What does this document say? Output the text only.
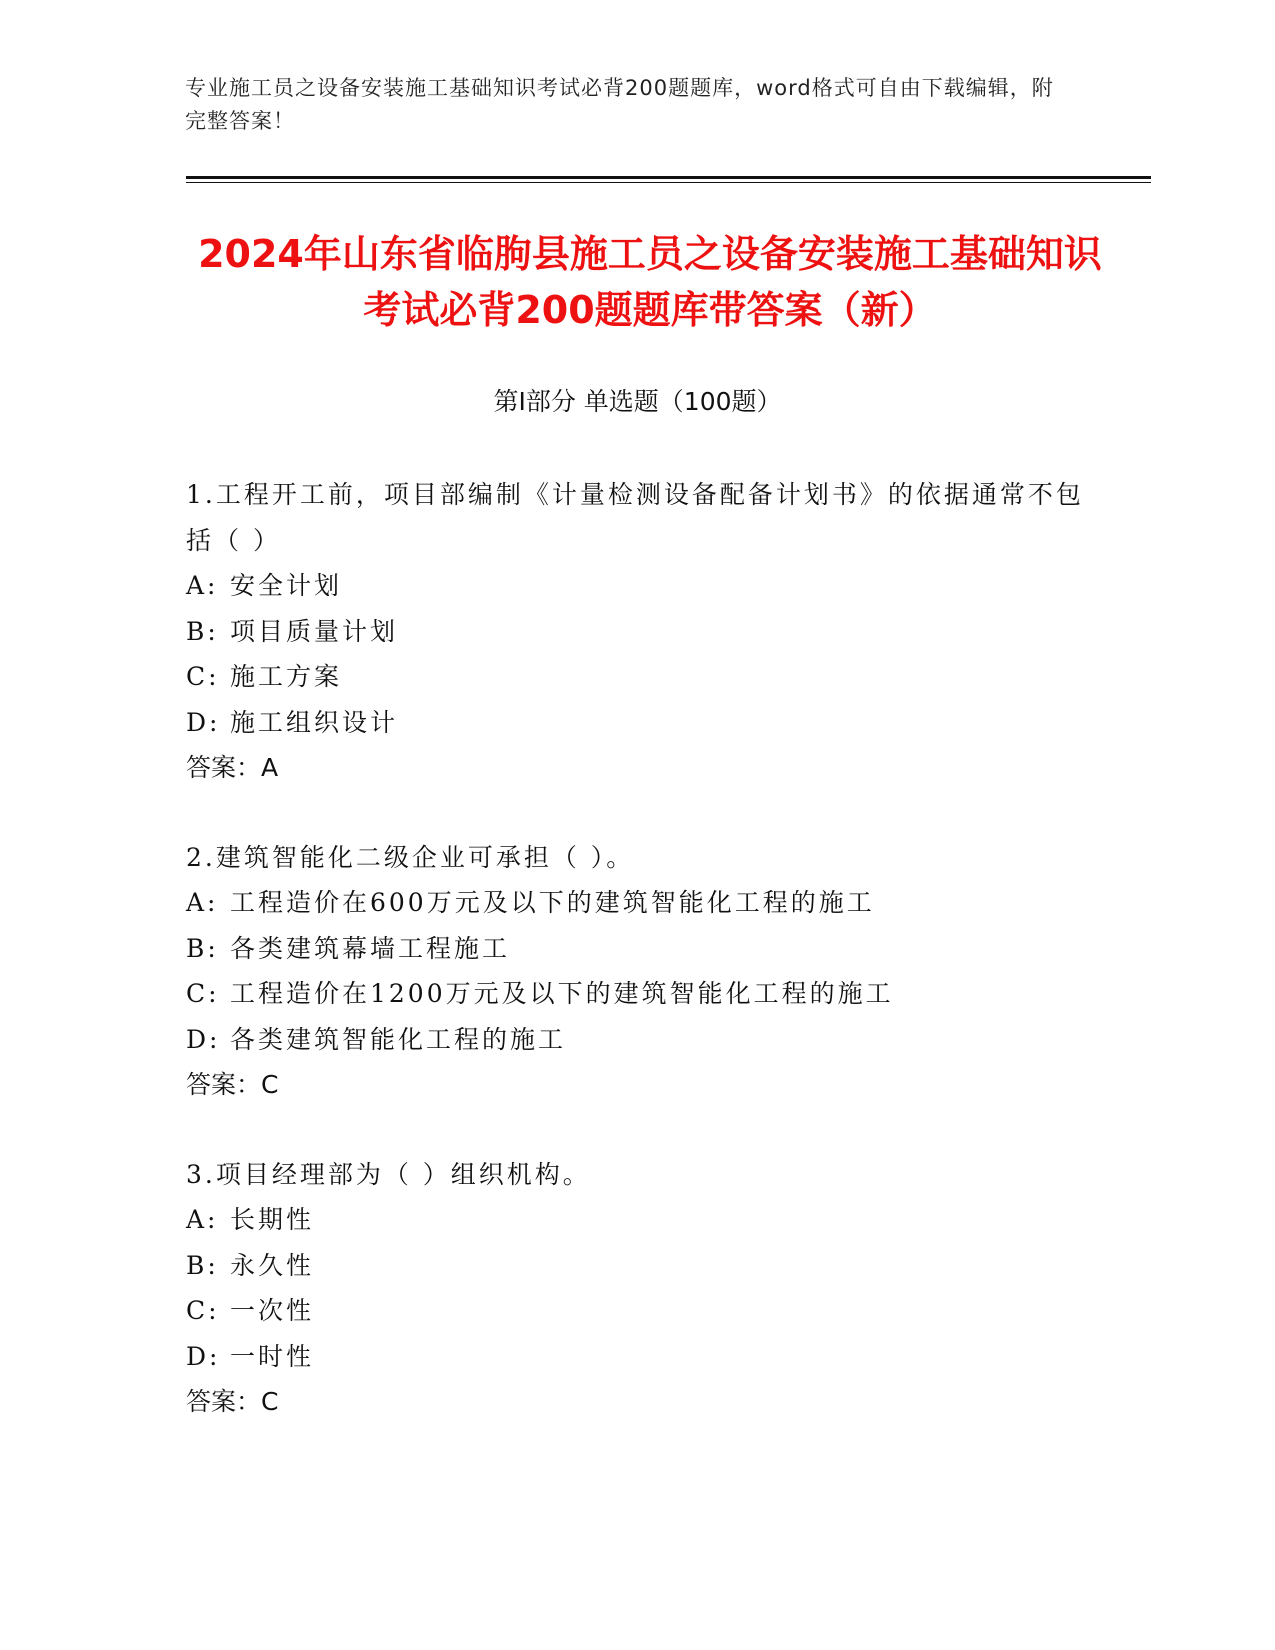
专业施工员之设备安装施工基础知识考试必背200题题库，word格式可自由下载编辑，附完整答案！
2024年山东省临朐县施工员之设备安装施工基础知识考试必背200题题库带答案（新）
第Ⅰ部分 单选题（100题）

1.工程开工前，项目部编制《计量检测设备配备计划书》的依据通常不包括（ ）

A: 安全计划

B: 项目质量计划

C: 施工方案

D: 施工组织设计

答案：A

2.建筑智能化二级企业可承担（ ）。

A: 工程造价在600万元及以下的建筑智能化工程的施工

B: 各类建筑幕墙工程施工

C: 工程造价在1200万元及以下的建筑智能化工程的施工

D: 各类建筑智能化工程的施工

答案：C

3.项目经理部为（ ）组织机构。

A: 长期性

B: 永久性

C: 一次性

D: 一时性

答案：C
